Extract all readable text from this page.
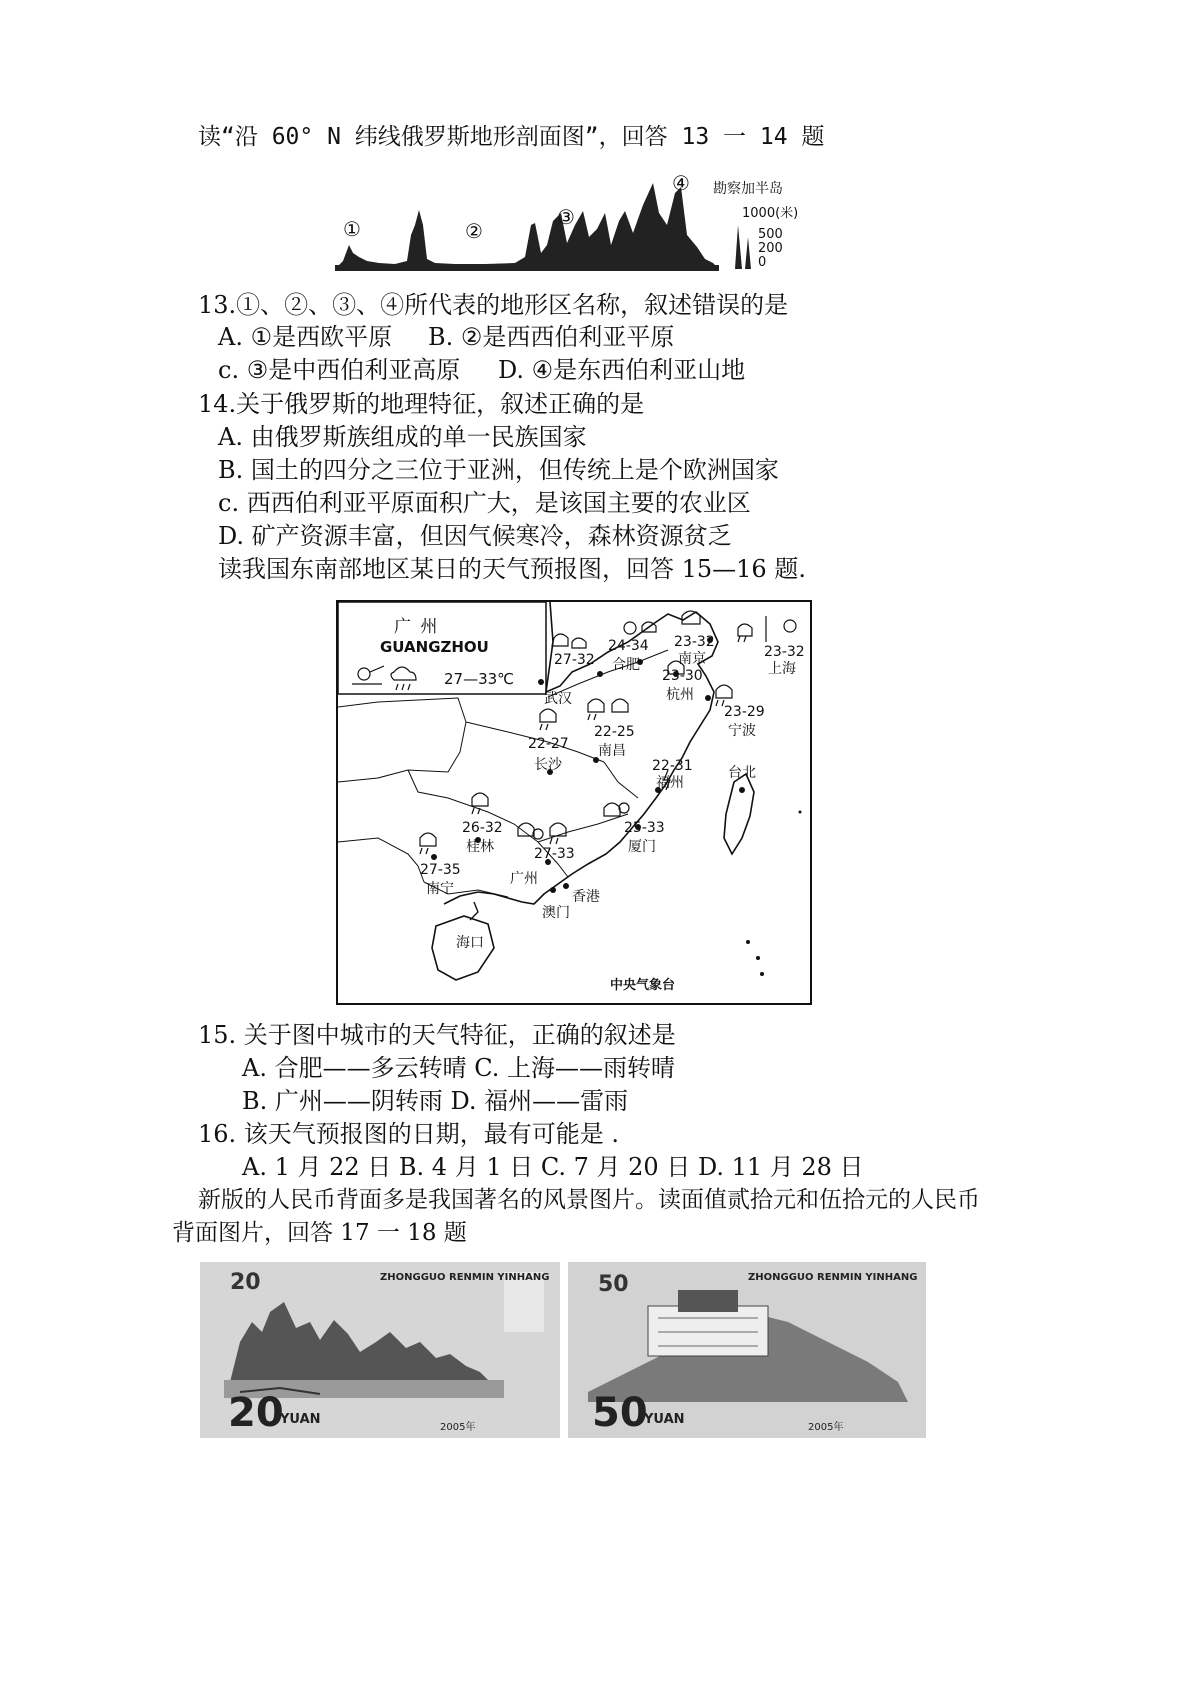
读“沿 60° N 纬线俄罗斯地形剖面图”，回答 13 一 14 题
①	②
③
④ 勘察加半岛
1000(米)
500
200
0
13.①、②、③、④所代表的地形区名称，叙述错误的是
A. ①是西欧平原 B. ②是西西伯利亚平原
c. ③是中西伯利亚高原 D. ④是东西伯利亚山地
14.关于俄罗斯的地理特征，叙述正确的是
A. 由俄罗斯族组成的单一民族国家
B. 国土的四分之三位于亚洲，但传统上是个欧洲国家
c. 西西伯利亚平原面积广大，是该国主要的农业区
D. 矿产资源丰富，但因气候寒冷，森林资源贫乏
读我国东南部地区某日的天气预报图，回答 15—16 题.
广 州
GUANGZHOU
27—33℃
27-32
武汉
24-34
合肥
23-32
南京	23-32
上海
23-30
杭州
23-29
宁波
22-27
长沙
22-25
南昌
22-31
福州
25-33
厦门
26-32
桂林	27-33
广州
27-35
南宁
台北
澳门
香港
海口
中央气象台
15. 关于图中城市的天气特征，正确的叙述是
A. 合肥——多云转晴 C. 上海——雨转晴
B. 广州——阴转雨 D. 福州——雷雨
16. 该天气预报图的日期，最有可能是 .
A. 1 月 22 日 B. 4 月 1 日 C. 7 月 20 日 D. 11 月 28 日
新版的人民币背面多是我国著名的风景图片。读面值贰拾元和伍拾元的人民币
背面图片，回答 17 一 18 题
20	ZHONGGUO RENMIN YINHANG
20
YUAN
2005年
50	ZHONGGUO RENMIN YINHANG
50
YUAN
2005年
